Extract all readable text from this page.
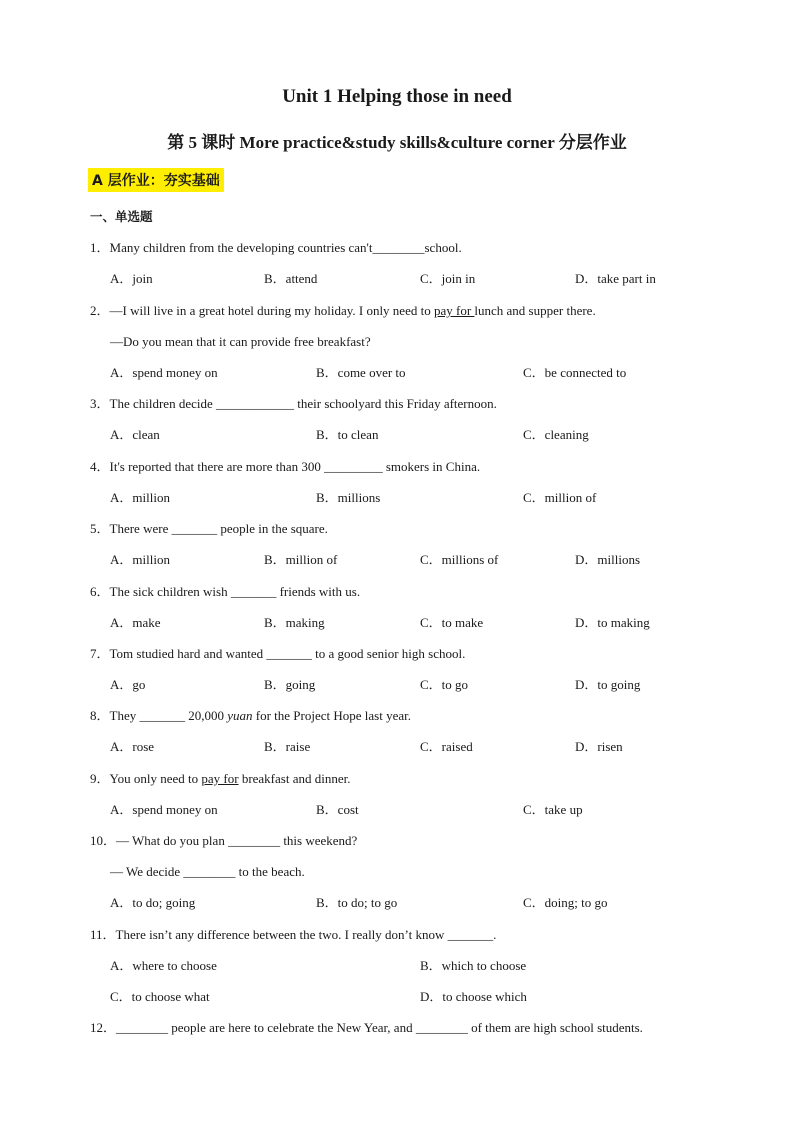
Unit 1 Helping those in need
第 5 课时 More practice&study skills&culture corner 分层作业
A 层作业：夯实基础
一、单选题
1．Many children from the developing countries can't________school.
A．join	B．attend	C．join in	D．take part in
2．—I will live in a great hotel during my holiday. I only need to pay for lunch and supper there.
—Do you mean that it can provide free breakfast?
A．spend money on	B．come over to	C．be connected to
3．The children decide ____________ their schoolyard this Friday afternoon.
A．clean	B．to clean	C．cleaning
4．It's reported that there are more than 300 _________ smokers in China.
A．million	B．millions	C．million of
5．There were _______ people in the square.
A．million	B．million of	C．millions of	D．millions
6．The sick children wish _______ friends with us.
A．make	B．making	C．to make	D．to making
7．Tom studied hard and wanted _______ to a good senior high school.
A．go	B．going	C．to go	D．to going
8．They _______ 20,000 yuan for the Project Hope last year.
A．rose	B．raise	C．raised	D．risen
9．You only need to pay for breakfast and dinner.
A．spend money on	B．cost	C．take up
10．— What do you plan ________ this weekend?
— We decide ________ to the beach.
A．to do; going	B．to do; to go	C．doing; to go
11．There isn’t any difference between the two. I really don’t know _______.
A．where to choose	B．which to choose
C．to choose what	D．to choose which
12．________ people are here to celebrate the New Year, and ________ of them are high school students.
